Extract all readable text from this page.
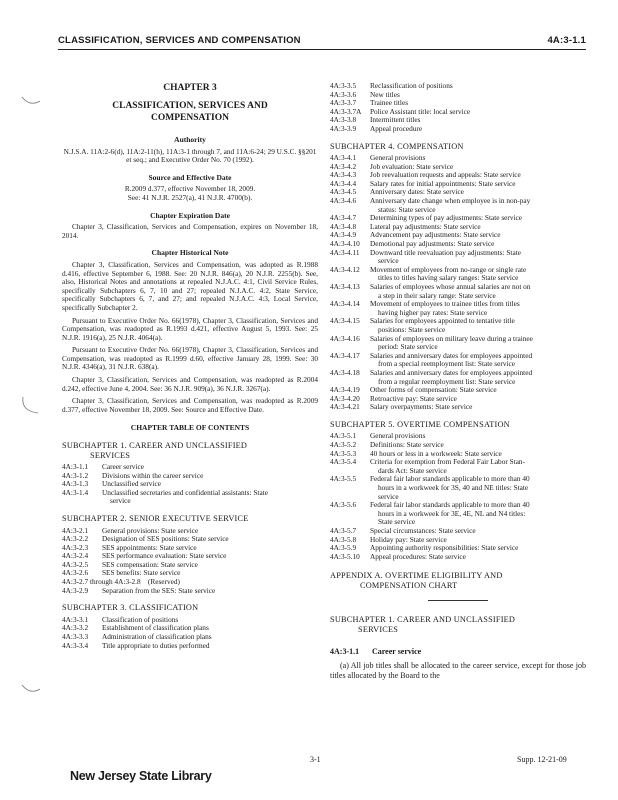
CLASSIFICATION, SERVICES AND COMPENSATION	4A:3-1.1
CHAPTER 3
CLASSIFICATION, SERVICES AND
COMPENSATION
Authority

N.J.S.A. 11A:2-6(d), 11A:2-11(h), 11A:3-1 through 7, and 11A:6-24; 29 U.S.C. §§201 et seq.; and Executive Order No. 70 (1992).

Source and Effective Date
R.2009 d.377, effective November 18, 2009.
See: 41 N.J.R. 2527(a), 41 N.J.R. 4700(b).
Chapter Expiration Date

Chapter 3, Classification, Services and Compensation, expires on November 18, 2014.

Chapter Historical Note

Chapter 3, Classification, Services and Compensation, was adopted as R.1988 d.416, effective September 6, 1988. See: 20 N.J.R. 846(a), 20 N.J.R. 2255(b). See, also, Historical Notes and annotations at repealed N.J.A.C. 4:1, Civil Service Rules, specifically Subchapters 6, 7, 10 and 27; repealed N.J.A.C. 4:2, State Service, specifically Subchapters 6, 7, and 27; and repealed N.J.A.C. 4:3, Local Service, specifically Subchapter 2.

Pursuant to Executive Order No. 66(1978), Chapter 3, Classification, Services and Compensation, was readopted as R.1993 d.421, effective August 5, 1993. See: 25 N.J.R. 1916(a), 25 N.J.R. 4064(a).

Pursuant to Executive Order No. 66(1978), Chapter 3, Classification, Services and Compensation, was readopted as R.1999 d.60, effective January 28, 1999. See: 30 N.J.R. 4346(a), 31 N.J.R. 638(a).

Chapter 3, Classification, Services and Compensation, was readopted as R.2004 d.242, effective June 4, 2004. See: 36 N.J.R. 909(a), 36 N.J.R. 3267(a).

Chapter 3, Classification, Services and Compensation, was readopted as R.2009 d.377, effective November 18, 2009. See: Source and Effective Date.

CHAPTER TABLE OF CONTENTS
SUBCHAPTER 1. CAREER AND UNCLASSIFIED
SERVICES
4A:3-1.1	Career service
4A:3-1.2	Divisions within the career service
4A:3-1.3	Unclassified service
4A:3-1.4	Unclassified secretaries and confidential assistants: State
service
SUBCHAPTER 2. SENIOR EXECUTIVE SERVICE
4A:3-2.1	General provisions: State service
4A:3-2.2	Designation of SES positions: State service
4A:3-2.3	SES appointments: State service
4A:3-2.4	SES performance evaluation: State service
4A:3-2.5	SES compensation: State service
4A:3-2.6	SES benefits: State service
4A:3-2.7 through 4A:3-2.8    (Reserved)
4A:3-2.9	Separation from the SES: State service
SUBCHAPTER 3. CLASSIFICATION
4A:3-3.1	Classification of positions
4A:3-3.2	Establishment of classification plans
4A:3-3.3	Administration of classification plans
4A:3-3.4	Title appropriate to duties performed
4A:3-3.5	Reclassification of positions
4A:3-3.6	New titles
4A:3-3.7	Trainee titles
4A:3-3.7A	Police Assistant title: local service
4A:3-3.8	Intermittent titles
4A:3-3.9	Appeal procedure
SUBCHAPTER 4. COMPENSATION
4A:3-4.1	General provisions
4A:3-4.2	Job evaluation: State service
4A:3-4.3	Job reevaluation requests and appeals: State service
4A:3-4.4	Salary rates for initial appointments: State service
4A:3-4.5	Anniversary dates: State service
4A:3-4.6	Anniversary date change when employee is in non-pay
status: State service
4A:3-4.7	Determining types of pay adjustments: State service
4A:3-4.8	Lateral pay adjustments: State service
4A:3-4.9	Advancement pay adjustments: State service
4A:3-4.10	Demotional pay adjustments: State service
4A:3-4.11	Downward title reevaluation pay adjustments: State
service
4A:3-4.12	Movement of employees from no-range or single rate
titles to titles having salary ranges: State service
4A:3-4.13	Salaries of employees whose annual salaries are not on
a step in their salary range: State service
4A:3-4.14	Movement of employees to trainee titles from titles
having higher pay rates: State service
4A:3-4.15	Salaries for employees appointed to tentative title
positions: State service
4A:3-4.16	Salaries of employees on military leave during a trainee
period: State service
4A:3-4.17	Salaries and anniversary dates for employees appointed
from a special reemployment list: State service
4A:3-4.18	Salaries and anniversary dates for employees appointed
from a regular reemployment list: State service
4A:3-4.19	Other forms of compensation: State service
4A:3-4.20	Retroactive pay: State service
4A:3-4.21	Salary overpayments: State service
SUBCHAPTER 5. OVERTIME COMPENSATION
4A:3-5.1	General provisions
4A:3-5.2	Definitions: State service
4A:3-5.3	40 hours or less in a workweek: State service
4A:3-5.4	Criteria for exemption from Federal Fair Labor Stan-
dards Act: State service
4A:3-5.5	Federal fair labor standards applicable to more than 40
hours in a workweek for 3S, 40 and NE titles: State
service
4A:3-5.6	Federal fair labor standards applicable to more than 40
hours in a workweek for 3E, 4E, NL and N4 titles:
State service
4A:3-5.7	Special circumstances: State service
4A:3-5.8	Holiday pay: State service
4A:3-5.9	Appointing authority responsibilities: State service
4A:3-5.10	Appeal procedures: State service
APPENDIX A. OVERTIME ELIGIBILITY AND
COMPENSATION CHART
SUBCHAPTER 1. CAREER AND UNCLASSIFIED
SERVICES
4A:3-1.1 Career service
(a) All job titles shall be allocated to the career service, except for those job titles allocated by the Board to the
3-1	Supp. 12-21-09
New Jersey State Library
